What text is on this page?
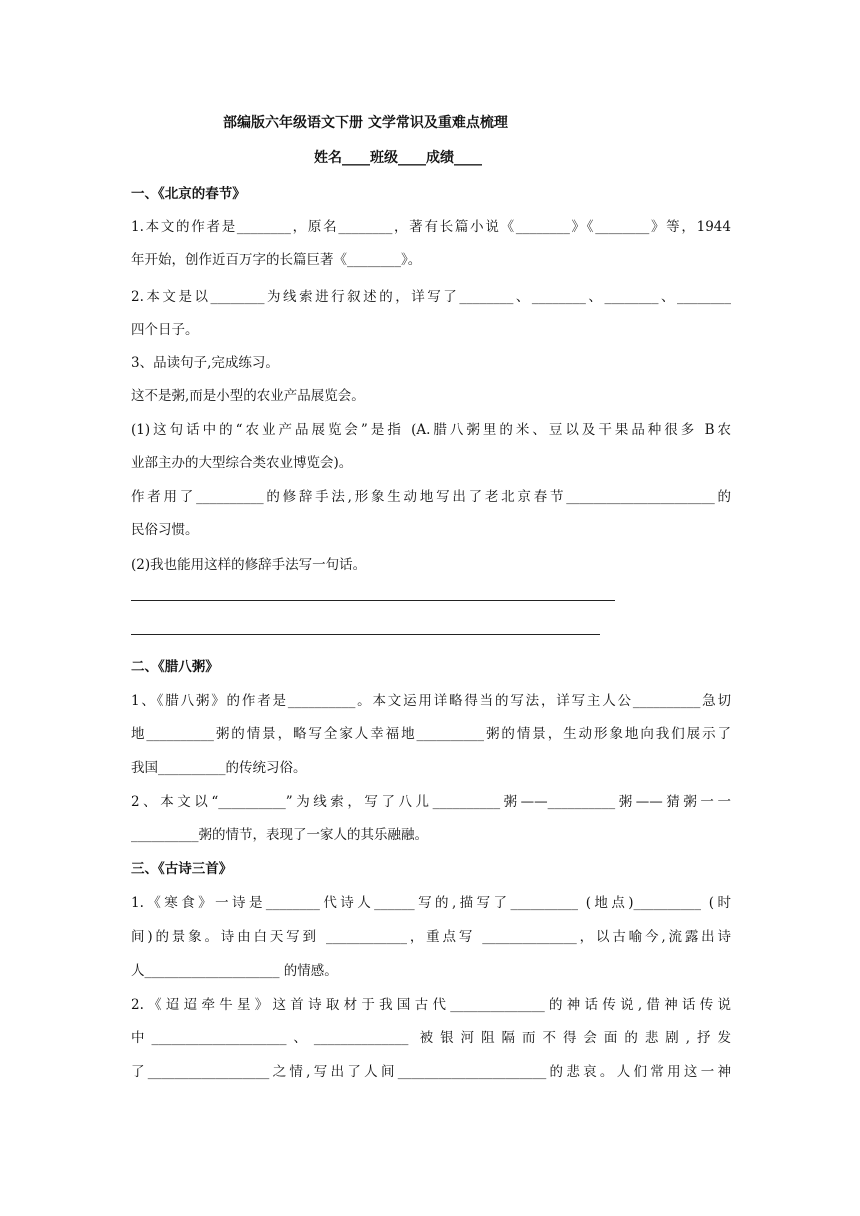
部编版六年级语文下册 文学常识及重难点梳理
姓名____班级____成绩____
一、《北京的春节》
1.本文的作者是________，原名________，著有长篇小说《________》《________》等，1944
年开始，创作近百万字的长篇巨著《________》。
2.本文是以________为线索进行叙述的，详写了________、________、________、________
四个日子。
3、品读句子,完成练习。
这不是粥,而是小型的农业产品展览会。
(1)这句话中的“农业产品展览会”是指 (A.腊八粥里的米、豆以及干果品种很多 B农
业部主办的大型综合类农业博览会)。
作者用了__________的修辞手法,形象生动地写出了老北京春节______________________的
民俗习惯。
(2)我也能用这样的修辞手法写一句话。
二、《腊八粥》
1、《腊八粥》的作者是__________。本文运用详略得当的写法，详写主人公__________急切
地__________粥的情景，略写全家人幸福地__________粥的情景，生动形象地向我们展示了
我国__________的传统习俗。
2、本文以“__________”为线索，写了八儿__________粥——__________粥——猜粥一一
__________粥的情节，表现了一家人的其乐融融。
三、《古诗三首》
1.《寒食》一诗是________代诗人______写的,描写了__________ (地点)__________ (时
间)的景象。诗由白天写到 ____________，重点写 ______________，以古喻今,流露出诗
人____________________ 的情感。
2.《迢迢牵牛星》这首诗取材于我国古代______________的神话传说,借神话传说
中____________________、______________ 被银河阻隔而不得会面的悲剧,抒发
了__________________之情,写出了人间______________________的悲哀。人们常用这一神
